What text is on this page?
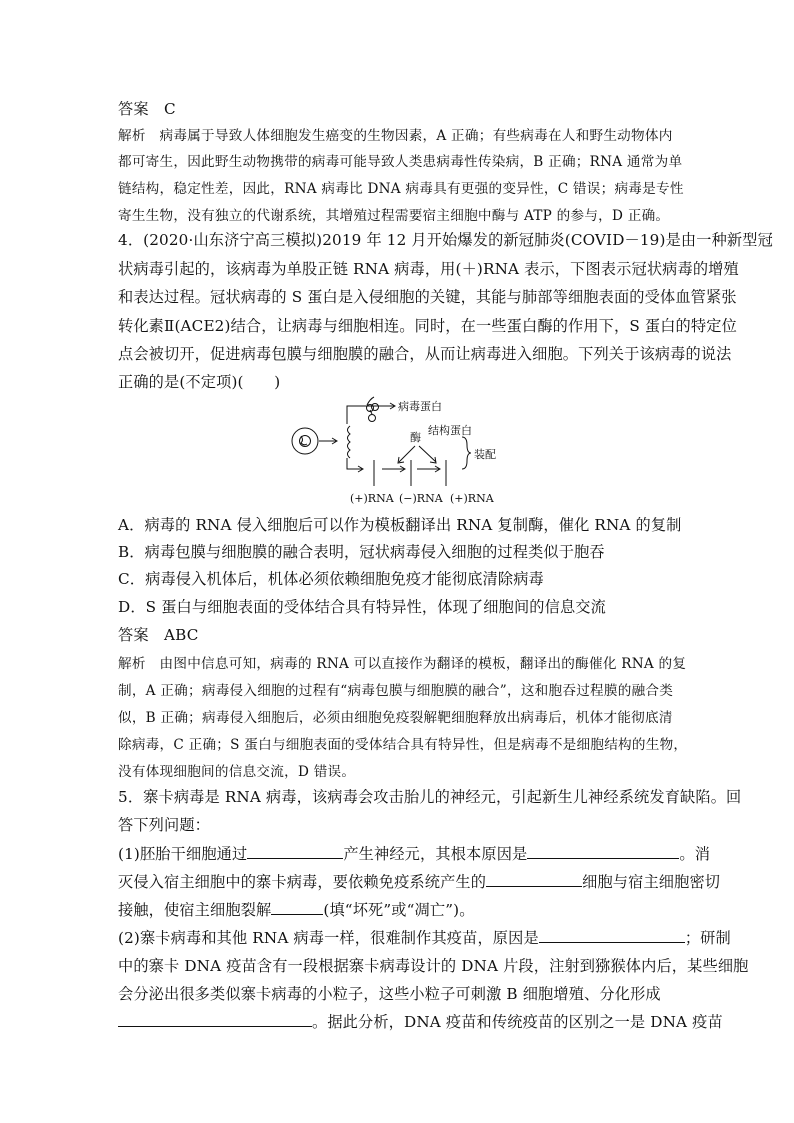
答案　C
解析　病毒属于导致人体细胞发生癌变的生物因素，A 正确；有些病毒在人和野生动物体内
都可寄生，因此野生动物携带的病毒可能导致人类患病毒性传染病，B 正确；RNA 通常为单
链结构，稳定性差，因此，RNA 病毒比 DNA 病毒具有更强的变异性，C 错误；病毒是专性
寄生生物，没有独立的代谢系统，其增殖过程需要宿主细胞中酶与 ATP 的参与，D 正确。
4．(2020·山东济宁高三模拟)2019 年 12 月开始爆发的新冠肺炎(COVID－19)是由一种新型冠
状病毒引起的，该病毒为单股正链 RNA 病毒，用(＋)RNA 表示，下图表示冠状病毒的增殖
和表达过程。冠状病毒的 S 蛋白是入侵细胞的关键，其能与肺部等细胞表面的受体血管紧张
转化素Ⅱ(ACE2)结合，让病毒与细胞相连。同时，在一些蛋白酶的作用下，S 蛋白的特定位
点会被切开，促进病毒包膜与细胞膜的融合，从而让病毒进入细胞。下列关于该病毒的说法
正确的是(不定项)(　　)
A．病毒的 RNA 侵入细胞后可以作为模板翻译出 RNA 复制酶，催化 RNA 的复制
B．病毒包膜与细胞膜的融合表明，冠状病毒侵入细胞的过程类似于胞吞
C．病毒侵入机体后，机体必须依赖细胞免疫才能彻底清除病毒
D．S 蛋白与细胞表面的受体结合具有特异性，体现了细胞间的信息交流
答案　ABC
解析　由图中信息可知，病毒的 RNA 可以直接作为翻译的模板，翻译出的酶催化 RNA 的复
制，A 正确；病毒侵入细胞的过程有“病毒包膜与细胞膜的融合”，这和胞吞过程膜的融合类
似，B 正确；病毒侵入细胞后，必须由细胞免疫裂解靶细胞释放出病毒后，机体才能彻底清
除病毒，C 正确；S 蛋白与细胞表面的受体结合具有特异性，但是病毒不是细胞结构的生物，
没有体现细胞间的信息交流，D 错误。
5．寨卡病毒是 RNA 病毒，该病毒会攻击胎儿的神经元，引起新生儿神经系统发育缺陷。回
答下列问题：
(1)胚胎干细胞通过	产生神经元，其根本原因是	。消
灭侵入宿主细胞中的寨卡病毒，要依赖免疫系统产生的	细胞与宿主细胞密切
接触，使宿主细胞裂解	(填“坏死”或“凋亡”)。
(2)寨卡病毒和其他 RNA 病毒一样，很难制作其疫苗，原因是	；研制
中的寨卡 DNA 疫苗含有一段根据寨卡病毒设计的 DNA 片段，注射到猕猴体内后，某些细胞
会分泌出很多类似寨卡病毒的小粒子，这些小粒子可刺激 B 细胞增殖、分化形成
。据此分析，DNA 疫苗和传统疫苗的区别之一是 DNA 疫苗
病毒蛋白
酶
结构蛋白
装配
(+)RNA (−)RNA (+)RNA
